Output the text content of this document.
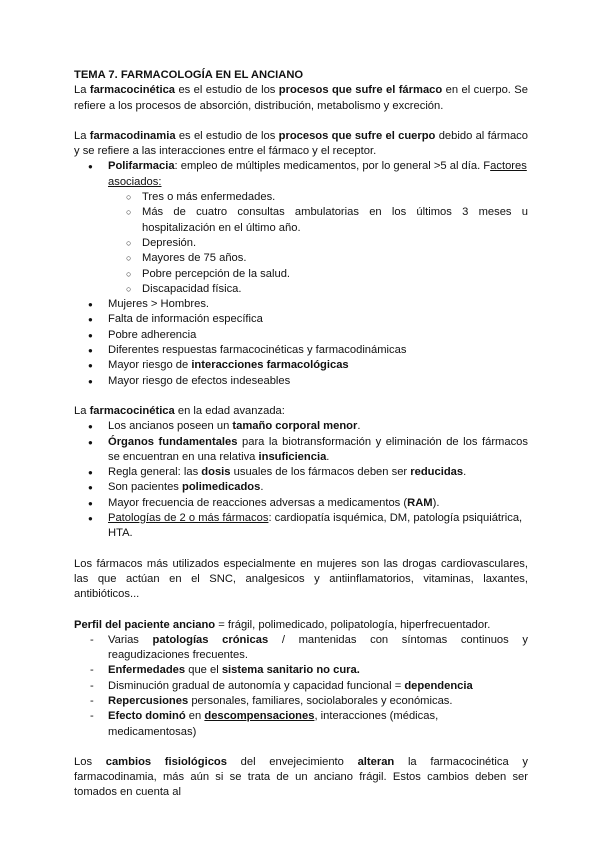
TEMA 7. FARMACOLOGÍA EN EL ANCIANO

La farmacocinética es el estudio de los procesos que sufre el fármaco en el cuerpo. Se refiere a los procesos de absorción, distribución, metabolismo y excreción.

La farmacodinamia es el estudio de los procesos que sufre el cuerpo debido al fármaco y se refiere a las interacciones entre el fármaco y el receptor.

● Polifarmacia: empleo de múltiples medicamentos, por lo general >5 al día. Factores asociados:
○ Tres o más enfermedades.
○ Más de cuatro consultas ambulatorias en los últimos 3 meses u hospitalización en el último año.
○ Depresión.
○ Mayores de 75 años.
○ Pobre percepción de la salud.
○ Discapacidad física.
● Mujeres > Hombres.
● Falta de información específica
● Pobre adherencia
● Diferentes respuestas farmacocinéticas y farmacodinámicas
● Mayor riesgo de interacciones farmacológicas
● Mayor riesgo de efectos indeseables

La farmacocinética en la edad avanzada:

● Los ancianos poseen un tamaño corporal menor.
● Órganos fundamentales para la biotransformación y eliminación de los fármacos se encuentran en una relativa insuficiencia.
● Regla general: las dosis usuales de los fármacos deben ser reducidas.
● Son pacientes polimedicados.
● Mayor frecuencia de reacciones adversas a medicamentos (RAM).
● Patologías de 2 o más fármacos: cardiopatía isquémica, DM, patología psiquiátrica, HTA.

Los fármacos más utilizados especialmente en mujeres son las drogas cardiovasculares, las que actúan en el SNC, analgesicos y antiinflamatorios, vitaminas, laxantes, antibióticos...

Perfil del paciente anciano = frágil, polimedicado, polipatología, hiperfrecuentador.

- Varias patologías crónicas / mantenidas con síntomas continuos y reagudizaciones frecuentes.
- Enfermedades que el sistema sanitario no cura.
- Disminución gradual de autonomía y capacidad funcional = dependencia
- Repercusiones personales, familiares, sociolaborales y económicas.
- Efecto dominó en descompensaciones, interacciones (médicas, medicamentosas)

Los cambios fisiológicos del envejecimiento alteran la farmacocinética y farmacodinamia, más aún si se trata de un anciano frágil. Estos cambios deben ser tomados en cuenta al
